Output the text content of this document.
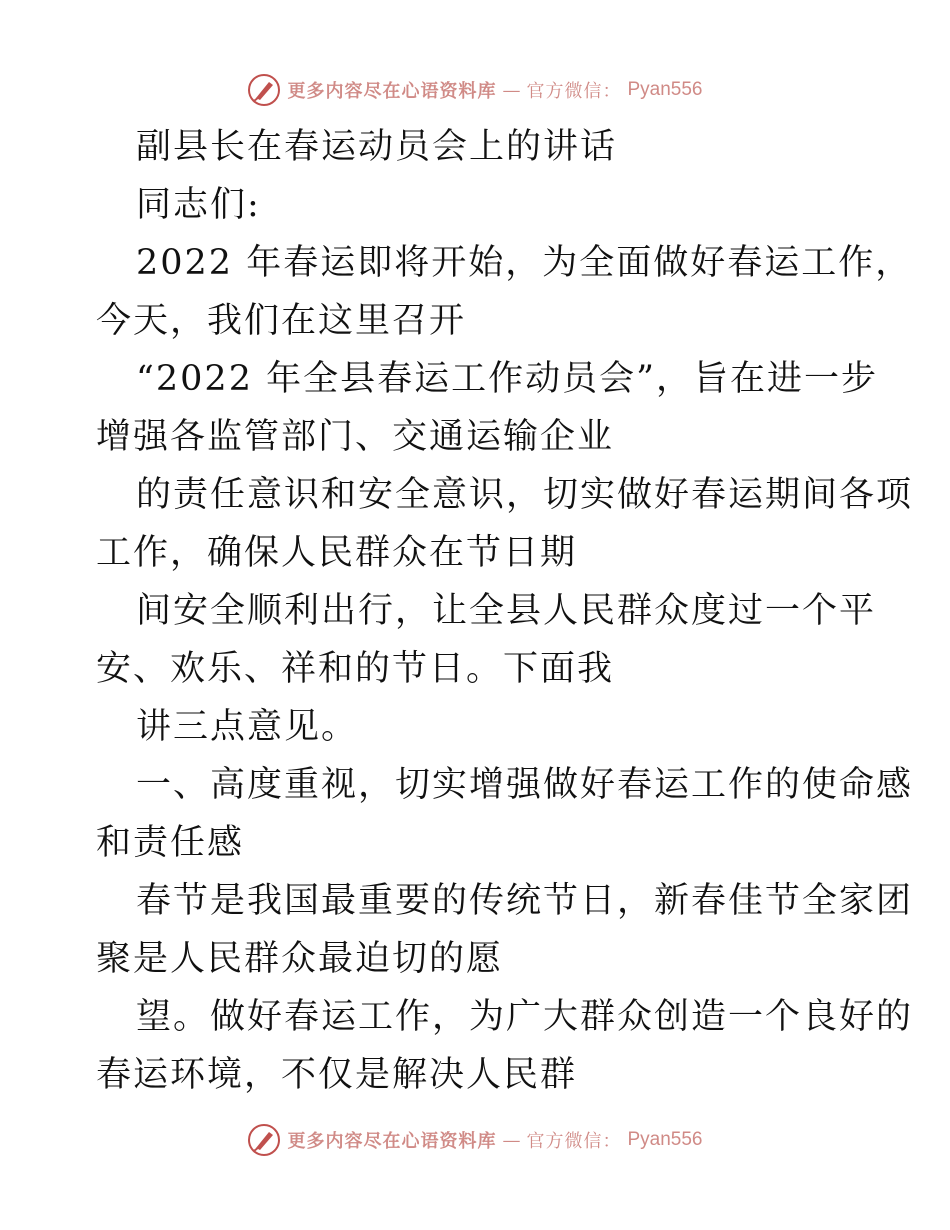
更多内容尽在心语资料库 — 官方微信： Pyan556
副县长在春运动员会上的讲话
同志们:
2022 年春运即将开始，为全面做好春运工作，
今天，我们在这里召开
“2022 年全县春运工作动员会”，旨在进一步
增强各监管部门、交通运输企业
的责任意识和安全意识，切实做好春运期间各项
工作，确保人民群众在节日期
间安全顺利出行，让全县人民群众度过一个平
安、欢乐、祥和的节日。下面我
讲三点意见。
一、高度重视，切实增强做好春运工作的使命感
和责任感
春节是我国最重要的传统节日，新春佳节全家团
聚是人民群众最迫切的愿
望。做好春运工作，为广大群众创造一个良好的
春运环境，不仅是解决人民群
更多内容尽在心语资料库 — 官方微信： Pyan556
